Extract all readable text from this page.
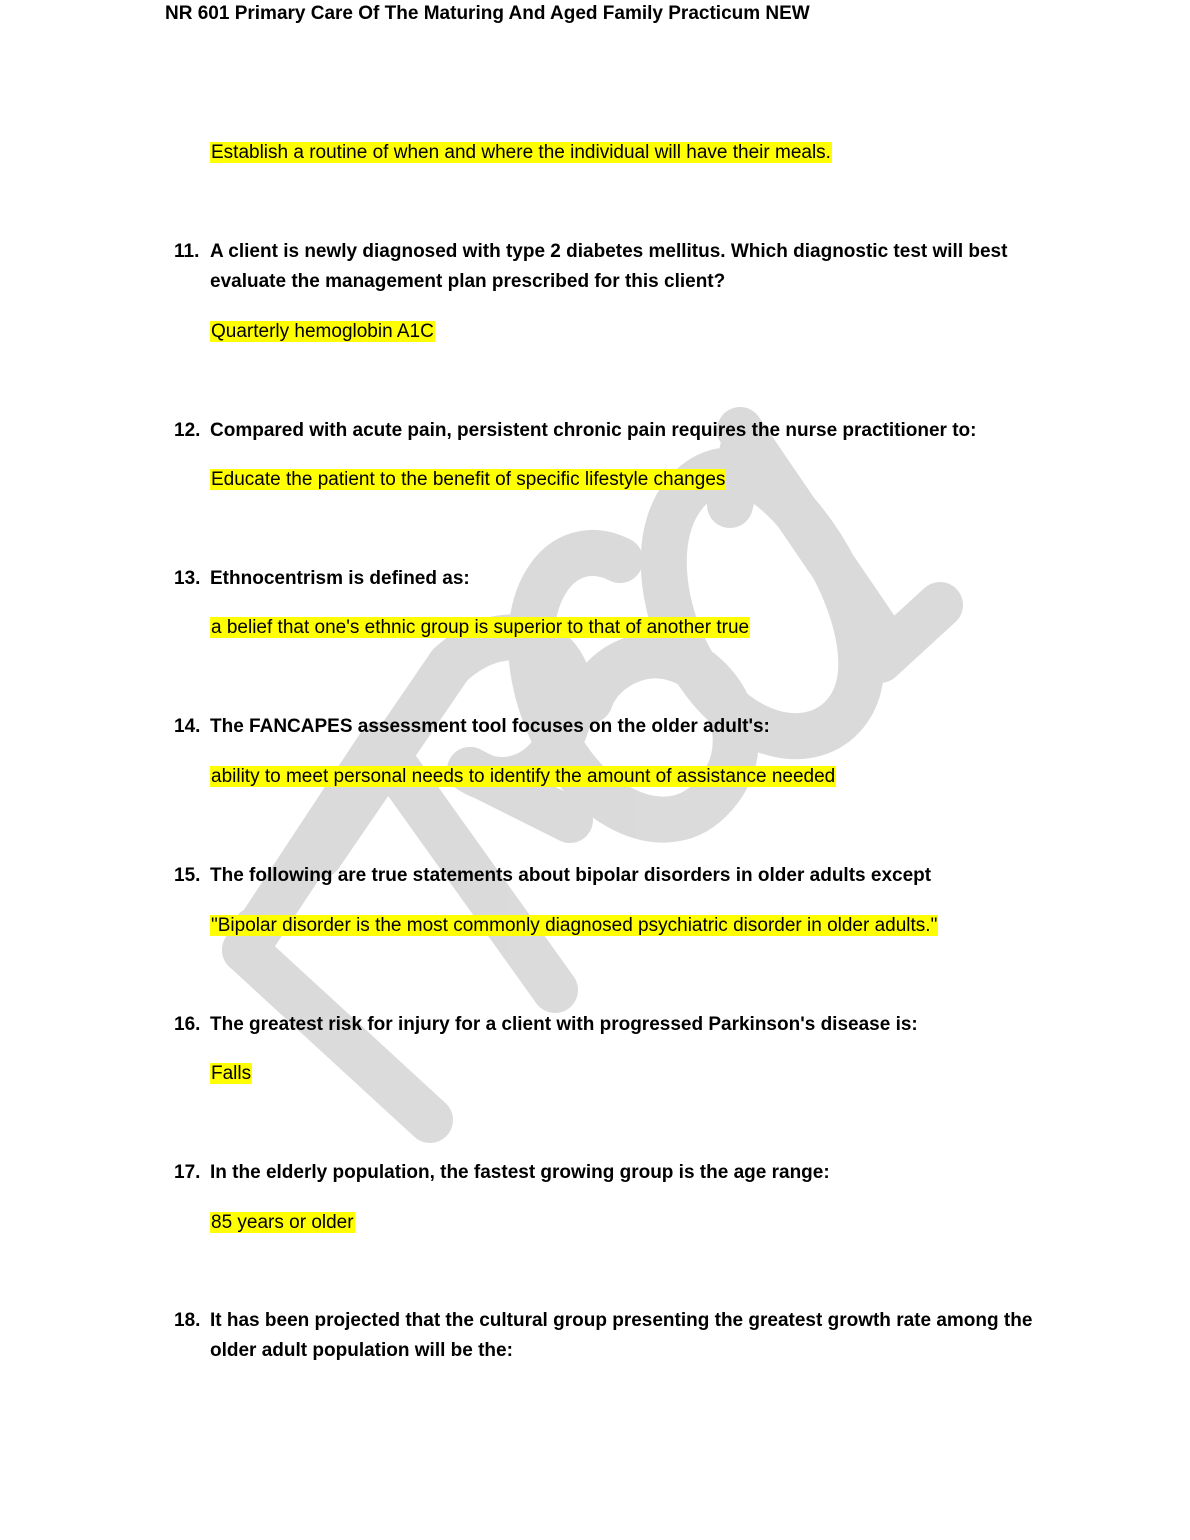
NR 601 Primary Care Of The Maturing And Aged Family Practicum NEW
Establish a routine of when and where the individual will have their meals.
11. A client is newly diagnosed with type 2 diabetes mellitus. Which diagnostic test will best evaluate the management plan prescribed for this client?
Quarterly hemoglobin A1C
12. Compared with acute pain, persistent chronic pain requires the nurse practitioner to:
Educate the patient to the benefit of specific lifestyle changes
13. Ethnocentrism is defined as:
a belief that one's ethnic group is superior to that of another true
14. The FANCAPES assessment tool focuses on the older adult's:
ability to meet personal needs to identify the amount of assistance needed
15. The following are true statements about bipolar disorders in older adults except
"Bipolar disorder is the most commonly diagnosed psychiatric disorder in older adults."
16. The greatest risk for injury for a client with progressed Parkinson's disease is:
Falls
17. In the elderly population, the fastest growing group is the age range:
85 years or older
18. It has been projected that the cultural group presenting the greatest growth rate among the older adult population will be the:
